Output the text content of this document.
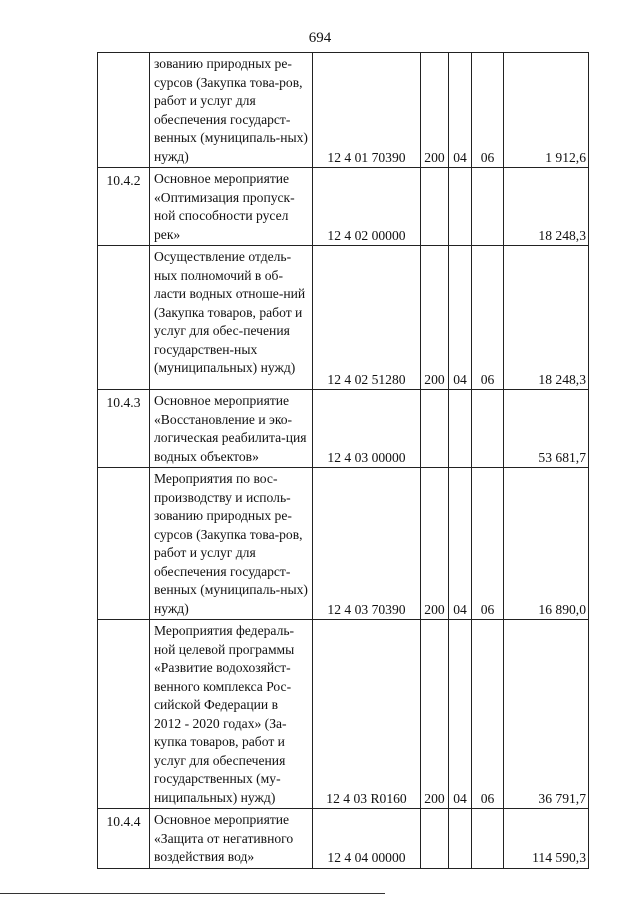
694
	зованию природных ре-сурсов (Закупка това-ров, работ и услуг для обеспечения государст-венных (муниципаль-ных) нужд)	12 4 01 70390	200	04	06	1 912,6
10.4.2	Основное мероприятие «Оптимизация пропуск-ной способности русел рек»	12 4 02 00000				18 248,3
	Осуществление отдель-ных полномочий в об-ласти водных отноше-ний (Закупка товаров, работ и услуг для обес-печения государствен-ных (муниципальных) нужд)	12 4 02 51280	200	04	06	18 248,3
10.4.3	Основное мероприятие «Восстановление и эко-логическая реабилита-ция водных объектов»	12 4 03 00000				53 681,7
	Мероприятия по вос-производству и исполь-зованию природных ре-сурсов (Закупка това-ров, работ и услуг для обеспечения государст-венных (муниципаль-ных) нужд)	12 4 03 70390	200	04	06	16 890,0
	Мероприятия федераль-ной целевой программы «Развитие водохозяйст-венного комплекса Рос-сийской Федерации в 2012 - 2020 годах» (За-купка товаров, работ и услуг для обеспечения государственных (му-ниципальных) нужд)	12 4 03 R0160	200	04	06	36 791,7
10.4.4	Основное мероприятие «Защита от негативного воздействия вод»	12 4 04 00000				114 590,3
